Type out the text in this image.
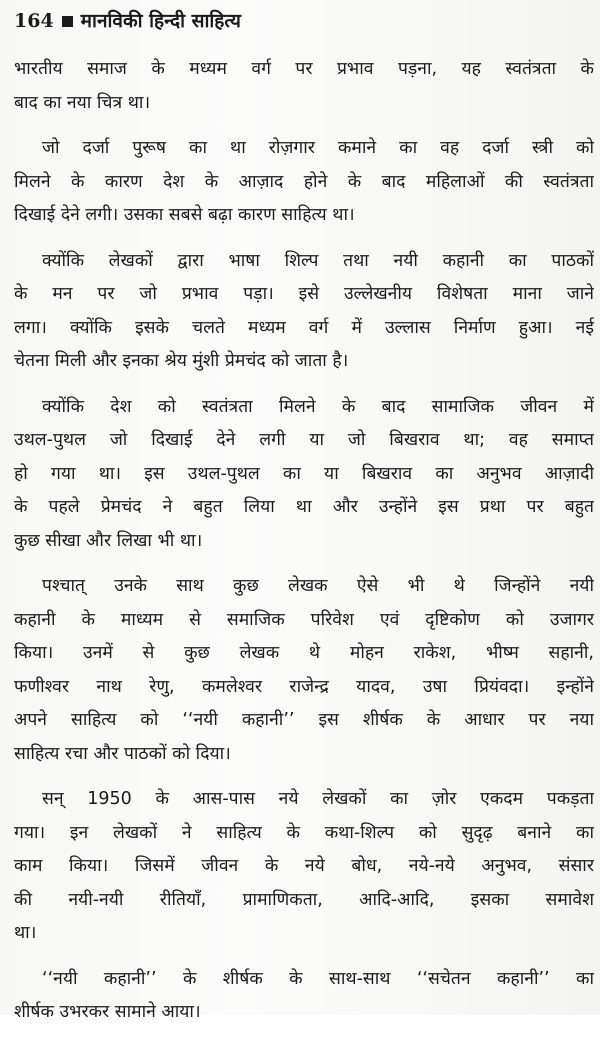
164 मानविकी हिन्दी साहित्य
भारतीय समाज के मध्यम वर्ग पर प्रभाव पड़ना, यह स्वतंत्रता के
बाद का नया चित्र था।
जो दर्जा पुरूष का था रोज़गार कमाने का वह दर्जा स्त्री को
मिलने के कारण देश के आज़ाद होने के बाद महिलाओं की स्वतंत्रता
दिखाई देने लगी। उसका सबसे बढ़ा कारण साहित्य था।
क्योंकि लेखकों द्वारा भाषा शिल्प तथा नयी कहानी का पाठकों
के मन पर जो प्रभाव पड़ा। इसे उल्लेखनीय विशेषता माना जाने
लगा। क्योंकि इसके चलते मध्यम वर्ग में उल्लास निर्माण हुआ। नई
चेतना मिली और इनका श्रेय मुंशी प्रेमचंद को जाता है।
क्योंकि देश को स्वतंत्रता मिलने के बाद सामाजिक जीवन में
उथल-पुथल जो दिखाई देने लगी या जो बिखराव था; वह समाप्त
हो गया था। इस उथल-पुथल का या बिखराव का अनुभव आज़ादी
के पहले प्रेमचंद ने बहुत लिया था और उन्होंने इस प्रथा पर बहुत
कुछ सीखा और लिखा भी था।
पश्चात् उनके साथ कुछ लेखक ऐसे भी थे जिन्होंने नयी
कहानी के माध्यम से समाजिक परिवेश एवं दृष्टिकोण को उजागर
किया। उनमें से कुछ लेखक थे मोहन राकेश, भीष्म सहानी,
फणीश्वर नाथ रेणु, कमलेश्वर राजेन्द्र यादव, उषा प्रियंवदा। इन्होंने
अपने साहित्य को ‘‘नयी कहानी’’ इस शीर्षक के आधार पर नया
साहित्य रचा और पाठकों को दिया।
सन् 1950 के आस-पास नये लेखकों का ज़ोर एकदम पकड़ता
गया। इन लेखकों ने साहित्य के कथा-शिल्प को सुदृढ़ बनाने का
काम किया। जिसमें जीवन के नये बोध, नये-नये अनुभव, संसार
की नयी-नयी रीतियाँ, प्रामाणिकता, आदि-आदि, इसका समावेश
था।
‘‘नयी कहानी’’ के शीर्षक के साथ-साथ ‘‘सचेतन कहानी’’ का
शीर्षक उभरकर सामाने आया।
